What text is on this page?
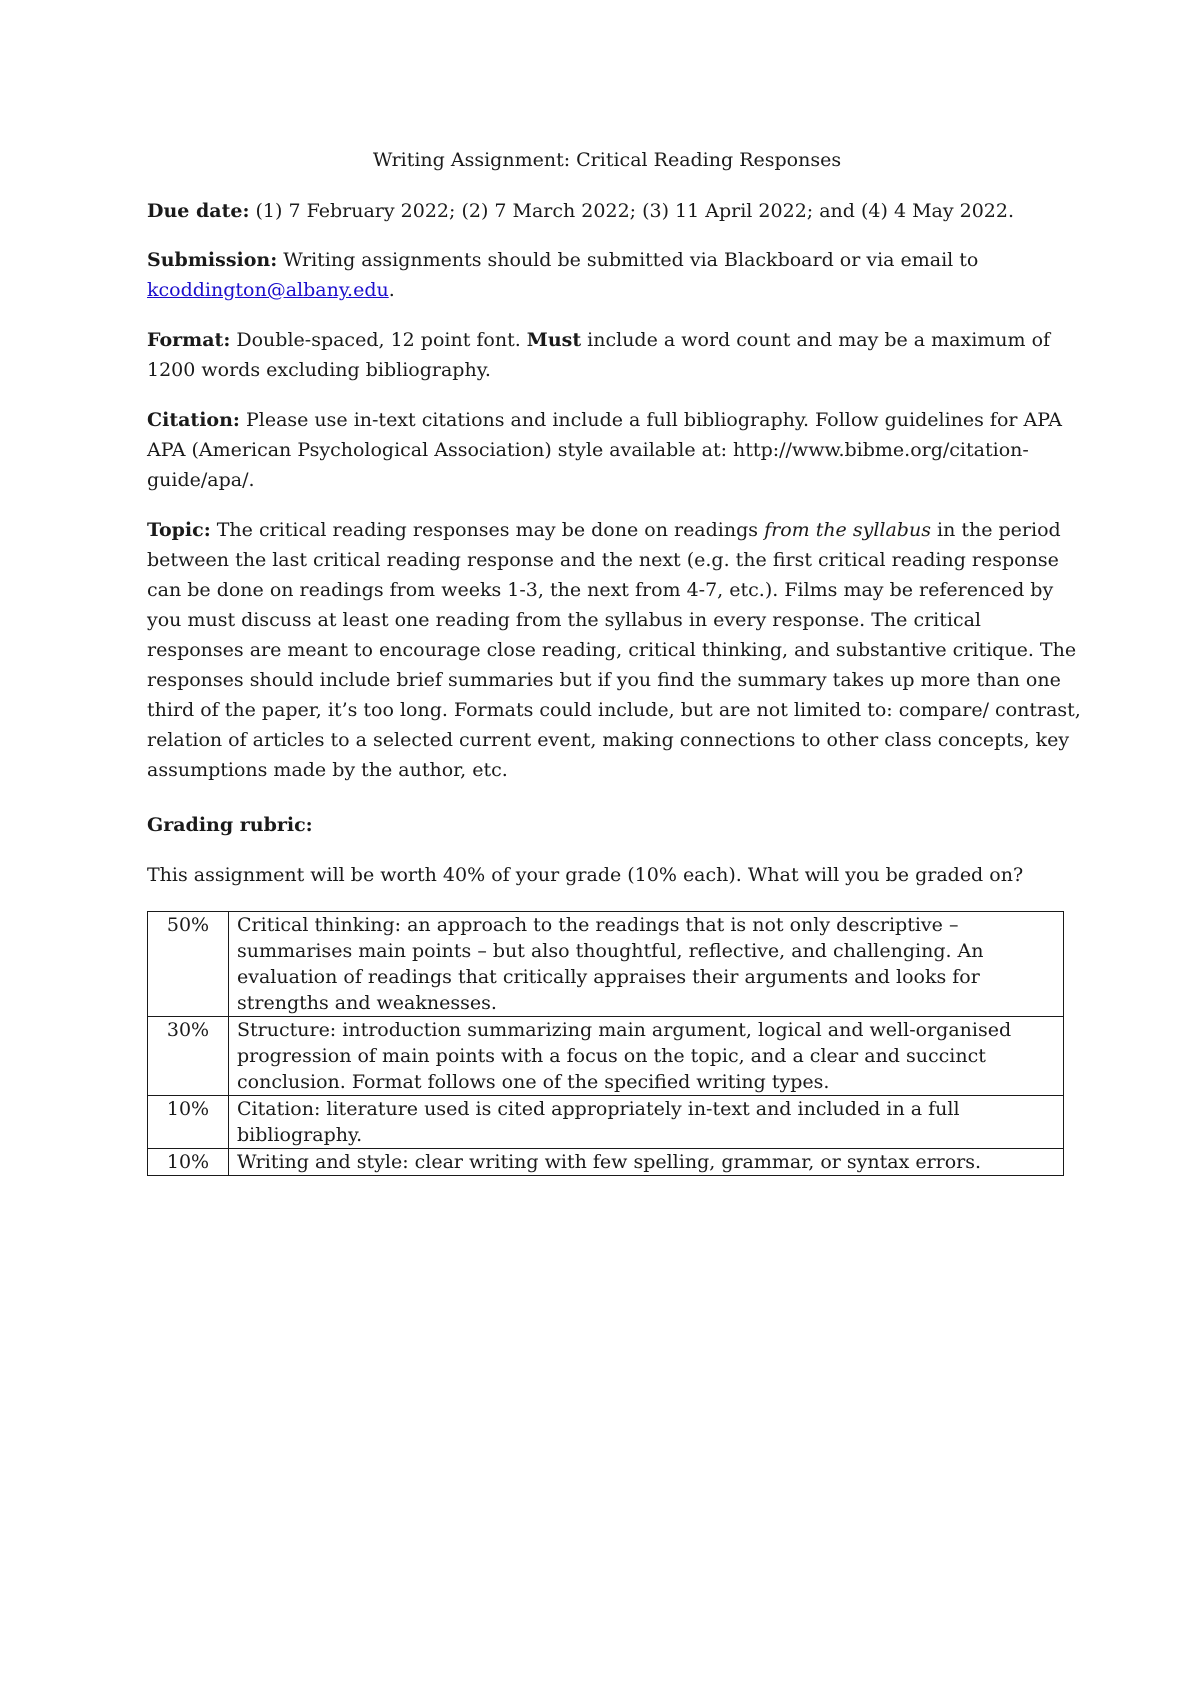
Writing Assignment: Critical Reading Responses

Due date: (1) 7 February 2022; (2) 7 March 2022; (3) 11 April 2022; and (4) 4 May 2022.

Submission: Writing assignments should be submitted via Blackboard or via email to
kcoddington@albany.edu.

Format: Double-spaced, 12 point font. Must include a word count and may be a maximum of
1200 words excluding bibliography.

Citation: Please use in-text citations and include a full bibliography. Follow guidelines for APA
APA (American Psychological Association) style available at: http://www.bibme.org/citation-
guide/apa/.

Topic: The critical reading responses may be done on readings from the syllabus in the period
between the last critical reading response and the next (e.g. the first critical reading response
can be done on readings from weeks 1-3, the next from 4-7, etc.). Films may be referenced by
you must discuss at least one reading from the syllabus in every response. The critical
responses are meant to encourage close reading, critical thinking, and substantive critique. The
responses should include brief summaries but if you find the summary takes up more than one
third of the paper, it’s too long. Formats could include, but are not limited to: compare/ contrast,
relation of articles to a selected current event, making connections to other class concepts, key
assumptions made by the author, etc.

Grading rubric:

This assignment will be worth 40% of your grade (10% each). What will you be graded on?

50%	Critical thinking: an approach to the readings that is not only descriptive –
summarises main points – but also thoughtful, reflective, and challenging. An
evaluation of readings that critically appraises their arguments and looks for
strengths and weaknesses.

30%	Structure: introduction summarizing main argument, logical and well-organised
progression of main points with a focus on the topic, and a clear and succinct
conclusion. Format follows one of the specified writing types.

10%	Citation: literature used is cited appropriately in-text and included in a full
bibliography.

10%	Writing and style: clear writing with few spelling, grammar, or syntax errors.
